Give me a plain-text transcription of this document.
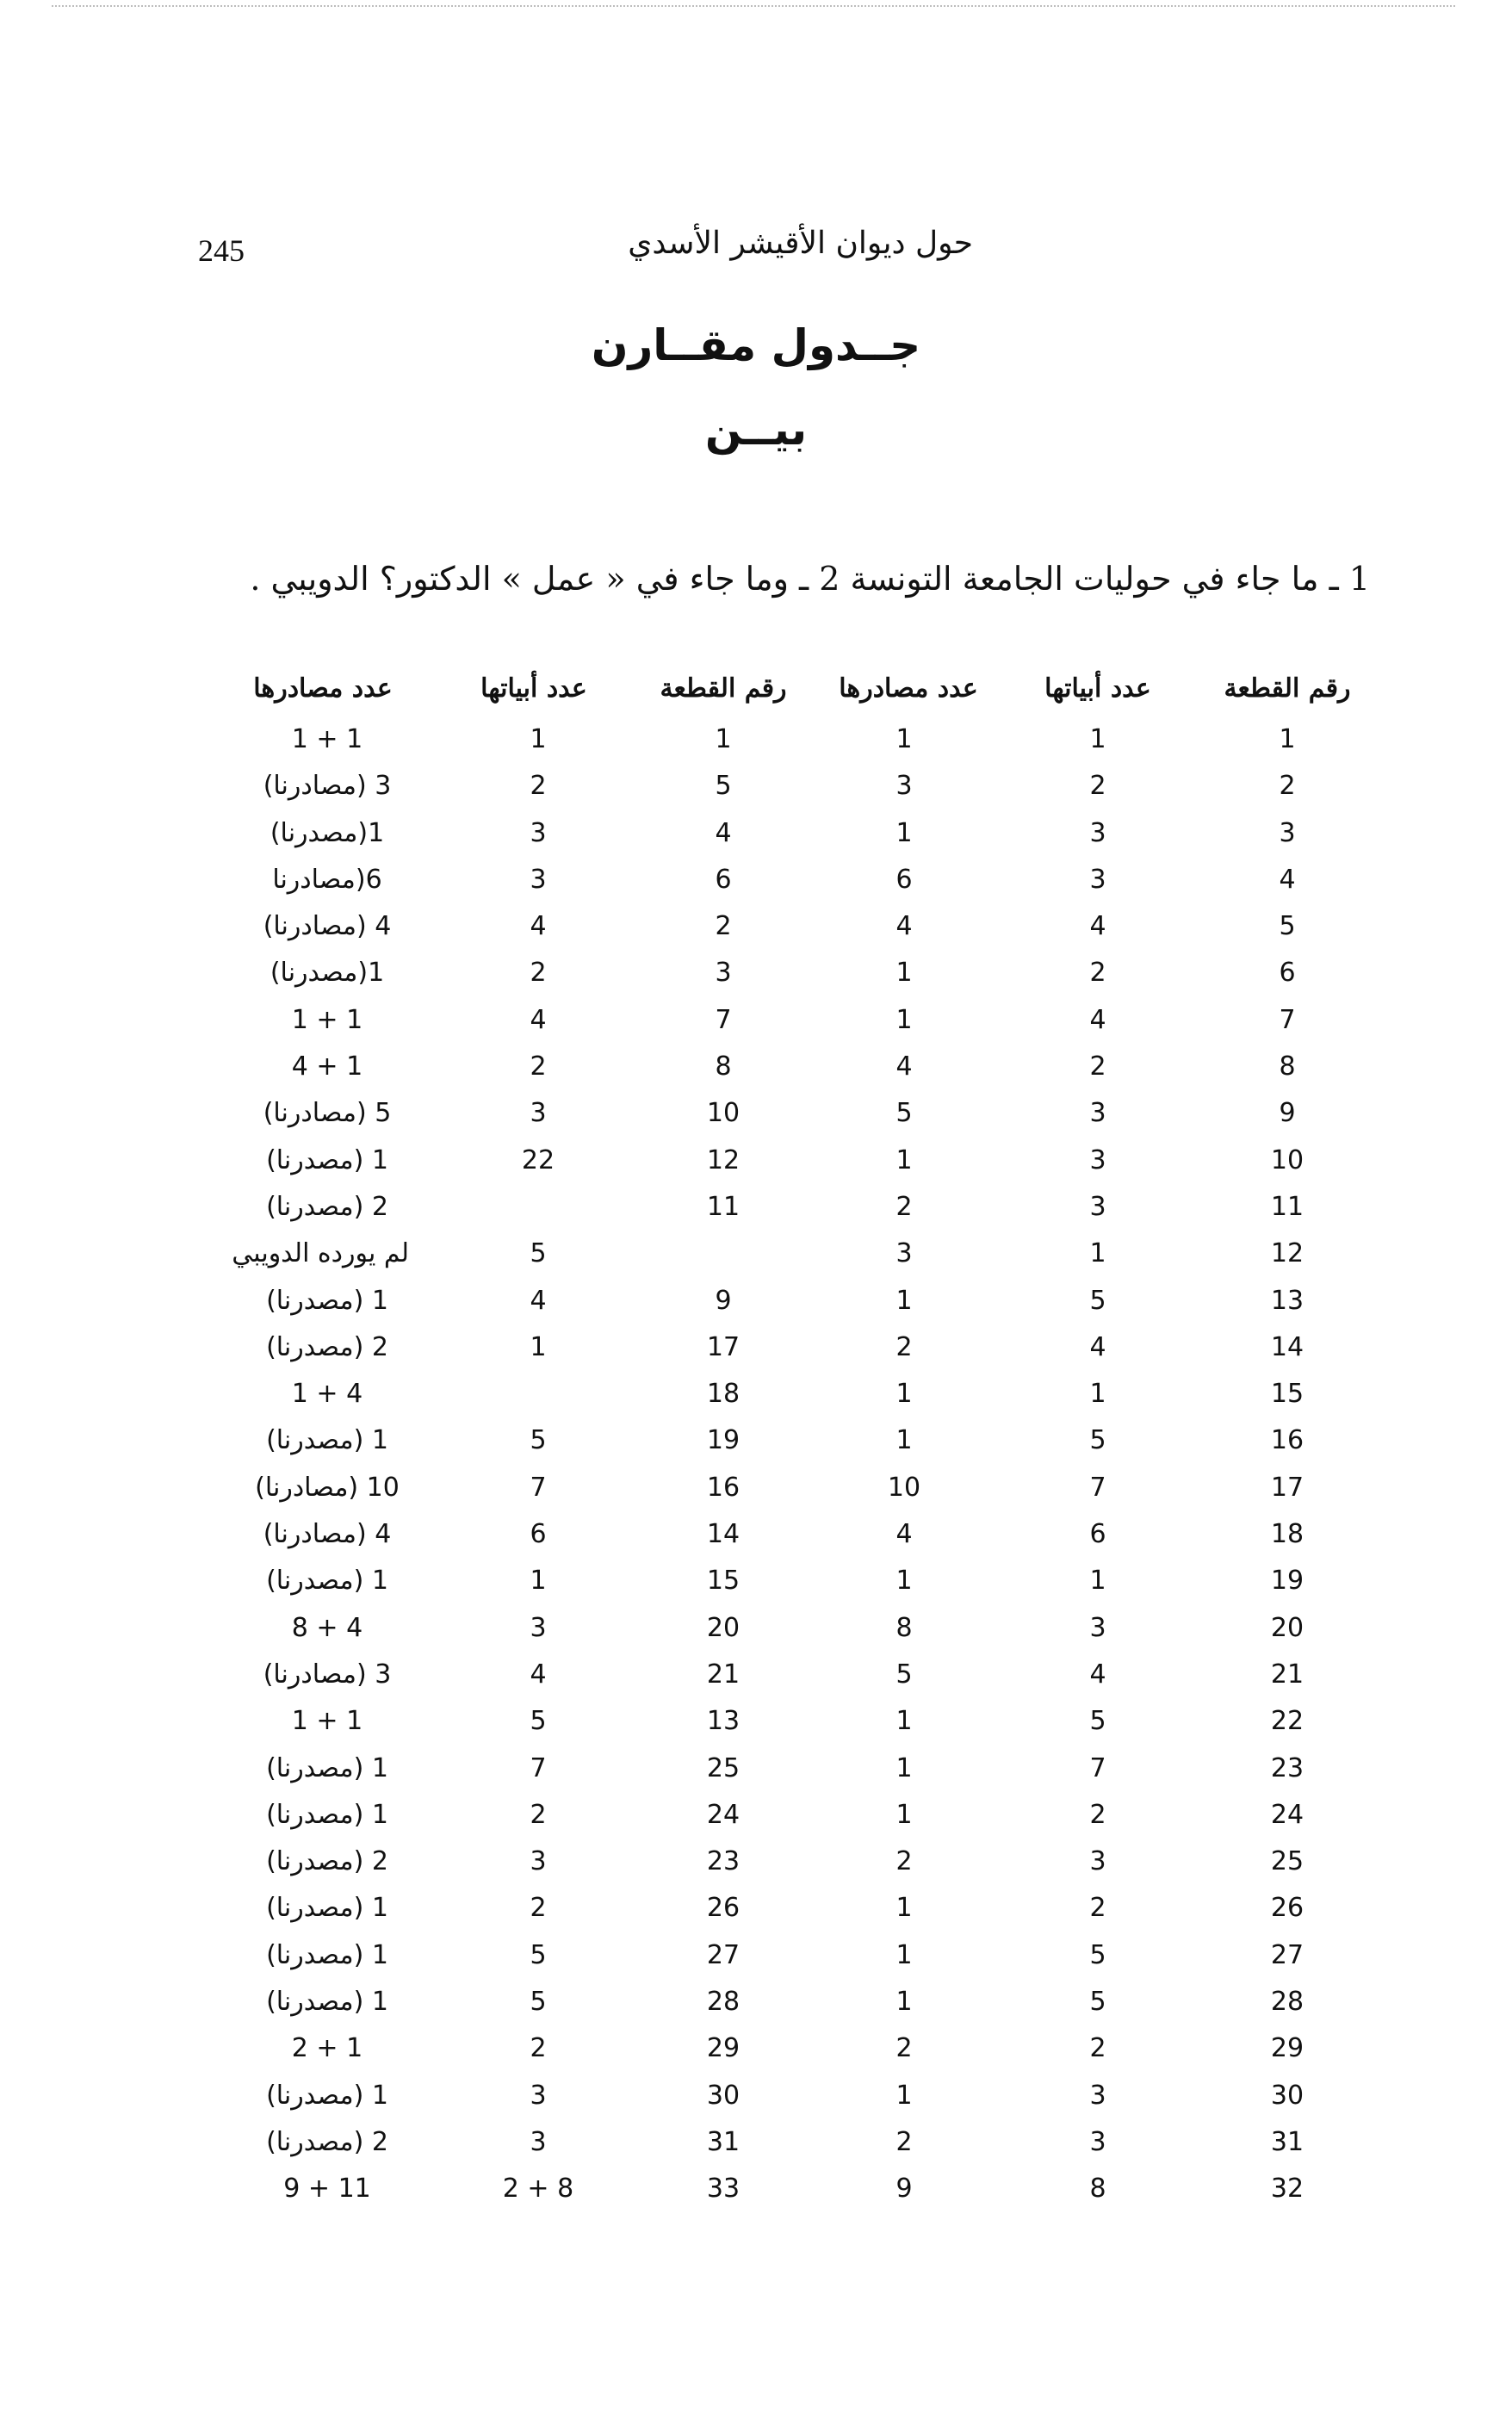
245	حول ديوان الأقيشر الأسدي
جــدول مقــارن
بيــن
1 ـ ما جاء في حوليات الجامعة التونسة 2 ـ وما جاء في « عمل » الدكتور؟ الدويبي .
رقم القطعة
عدد أبياتها
عدد مصادرها
رقم القطعة
عدد أبياتها
عدد مصادرها
1
1
1
1
1
1 + 1
2
2
3
5
2
3 (مصادرنا)
3
3
1
4
3
1(مصدرنا)
4
3
6
6
3
6(مصادرنا
5
4
4
2
4
4 (مصادرنا)
6
2
1
3
2
1(مصدرنا)
7
4
1
7
4
1 + 1
8
2
4
8
2
1 + 4
9
3
5
10
3
5 (مصادرنا)
10
3
1
12
22
1 (مصدرنا)
11
3
2
11
2 (مصدرنا)
12
1
3
5
لم يورده الدويبي
13
5
1
9
4
1 (مصدرنا)
14
4
2
17
1
2 (مصدرنا)
15
1
1
18
4 + 1
16
5
1
19
5
1 (مصدرنا)
17
7
10
16
7
10 (مصادرنا)
18
6
4
14
6
4 (مصادرنا)
19
1
1
15
1
1 (مصدرنا)
20
3
8
20
3
4 + 8
21
4
5
21
4
3 (مصادرنا)
22
5
1
13
5
1 + 1
23
7
1
25
7
1 (مصدرنا)
24
2
1
24
2
1 (مصدرنا)
25
3
2
23
3
2 (مصدرنا)
26
2
1
26
2
1 (مصدرنا)
27
5
1
27
5
1 (مصدرنا)
28
5
1
28
5
1 (مصدرنا)
29
2
2
29
2
1 + 2
30
3
1
30
3
1 (مصدرنا)
31
3
2
31
3
2 (مصدرنا)
32
8
9
33
2 + 8
11 + 9
